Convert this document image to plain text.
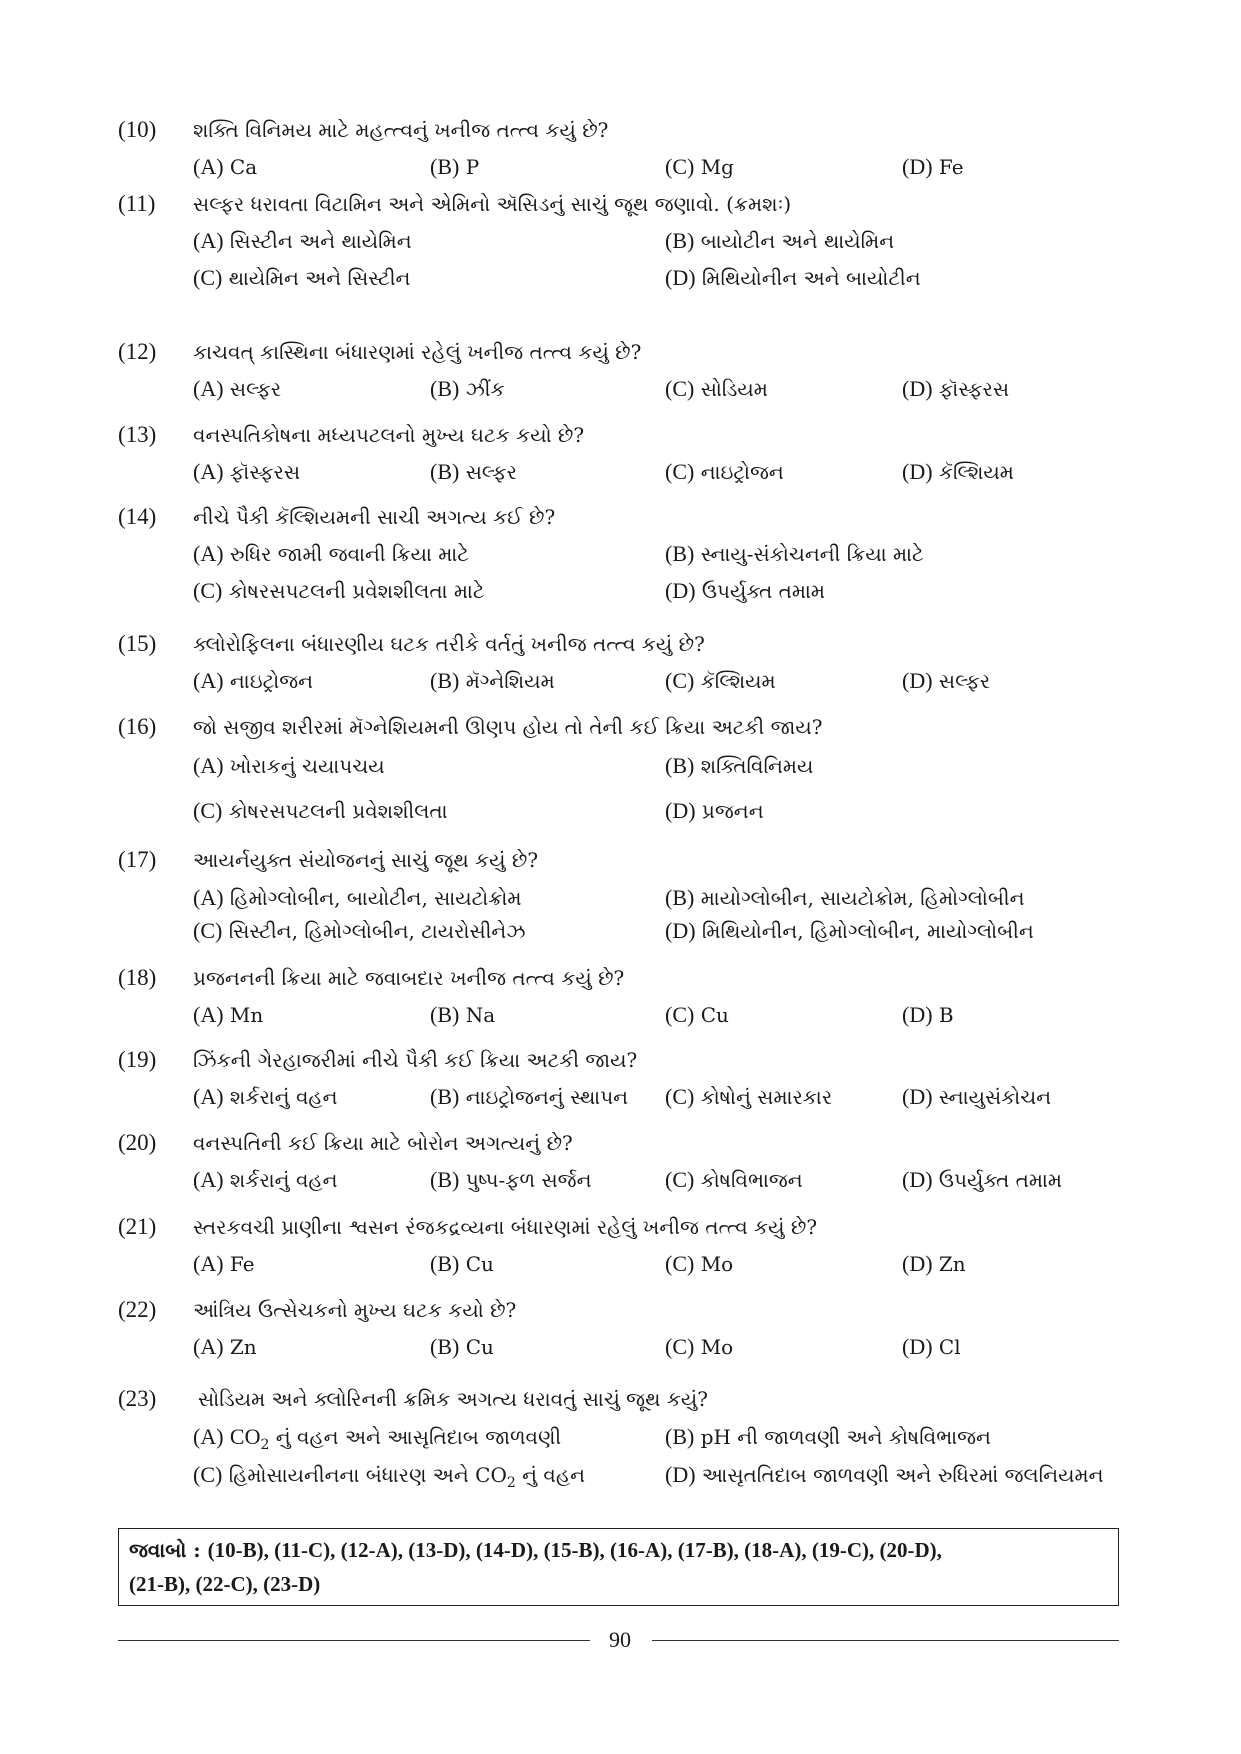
(10) શક્તિ વિનિમય માટે મહત્ત્વનું ખનીજ તત્ત્વ કયું છે?
(A) Ca	(B) P	(C) Mg	(D) Fe
(11) સલ્ફર ધરાવતા વિટામિન અને એમિનો ઍસિડનું સાચું જૂથ જણાવો. (ક્રમશઃ)
(A) સિસ્ટીન અને થાયેમિન	(B) બાયોટીન અને થાયેમિન
(C) થાયેમિન અને સિસ્ટીન	(D) મિથિયોનીન અને બાયોટીન
(12) કાચવત્ કાસ્થિના બંધારણમાં રહેલું ખનીજ તત્ત્વ કયું છે?
(A) સલ્ફર	(B) ઝીંક	(C) સોડિયમ	(D) ફૉસ્ફરસ
(13) વનસ્પતિકોષના મધ્યપટલનો મુખ્ય ઘટક કયો છે?
(A) ફૉસ્ફરસ	(B) સલ્ફર	(C) નાઇટ્રોજન	(D) કૅલ્શિયમ
(14) નીચે પૈકી કૅલ્શિયમની સાચી અગત્ય કઈ છે?
(A) રુધિર જામી જવાની ક્રિયા માટે	(B) સ્નાયુ-સંકોચનની ક્રિયા માટે
(C) કોષરસપટલની પ્રવેશશીલતા માટે	(D) ઉપર્યુક્ત તમામ
(15) ક્લોરોફિલના બંધારણીય ઘટક તરીકે વર્તતું ખનીજ તત્ત્વ કયું છે?
(A) નાઇટ્રોજન	(B) મૅગ્નેશિયમ	(C) કૅલ્શિયમ	(D) સલ્ફર
(16) જો સજીવ શરીરમાં મૅગ્નેશિયમની ઊણપ હોય તો તેની કઈ ક્રિયા અટકી જાય?
(A) ખોરાકનું ચયાપચય	(B) શક્તિવિનિમય
(C) કોષરસપટલની પ્રવેશશીલતા	(D) પ્રજનન
(17) આયર્નયુક્ત સંયોજનનું સાચું જૂથ કયું છે?
(A) હિમોગ્લોબીન, બાયોટીન, સાયટોક્રોમ	(B) માયોગ્લોબીન, સાયટોક્રોમ, હિમોગ્લોબીન
(C) સિસ્ટીન, હિમોગ્લોબીન, ટાયરોસીનેઝ	(D) મિથિયોનીન, હિમોગ્લોબીન, માયોગ્લોબીન
(18) પ્રજનનની ક્રિયા માટે જવાબદાર ખનીજ તત્ત્વ કયું છે?
(A) Mn	(B) Na	(C) Cu	(D) B
(19) ઝિંકની ગેરહાજરીમાં નીચે પૈકી કઈ ક્રિયા અટકી જાય?
(A) શર્કરાનું વહન	(B) નાઇટ્રોજનનું સ્થાપન (C) કોષોનું સમારકાર	(D) સ્નાયુસંકોચન
(20) વનસ્પતિની કઈ ક્રિયા માટે બોરોન અગત્યનું છે?
(A) શર્કરાનું વહન	(B) પુષ્પ-ફળ સર્જન	(C) કોષવિભાજન	(D) ઉપર્યુક્ત તમામ
(21) સ્તરકવચી પ્રાણીના શ્વસન રંજકદ્રવ્યના બંધારણમાં રહેલું ખનીજ તત્ત્વ કયું છે?
(A) Fe	(B) Cu	(C) Mo	(D) Zn
(22) આંત્રિય ઉત્સેચકનો મુખ્ય ઘટક કયો છે?
(A) Zn	(B) Cu	(C) Mo	(D) Cl
(23) સોડિયમ અને ક્લોરિનની ક્રમિક અગત્ય ધરાવતું સાચું જૂથ કયું?
(A) $CO_2$ નું વહન અને આસૃતિદાબ જાળવણી	(B) pH ની જાળવણી અને કોષવિભાજન
(C) હિમોસાયનીનના બંધારણ અને $CO_2$ નું વહન	(D) આસૃતતિદાબ જાળવણી અને રુધિરમાં જલનિયમન
જવાબો : (10-B), (11-C), (12-A), (13-D), (14-D), (15-B), (16-A), (17-B), (18-A), (19-C), (20-D),
(21-B), (22-C), (23-D)
90
